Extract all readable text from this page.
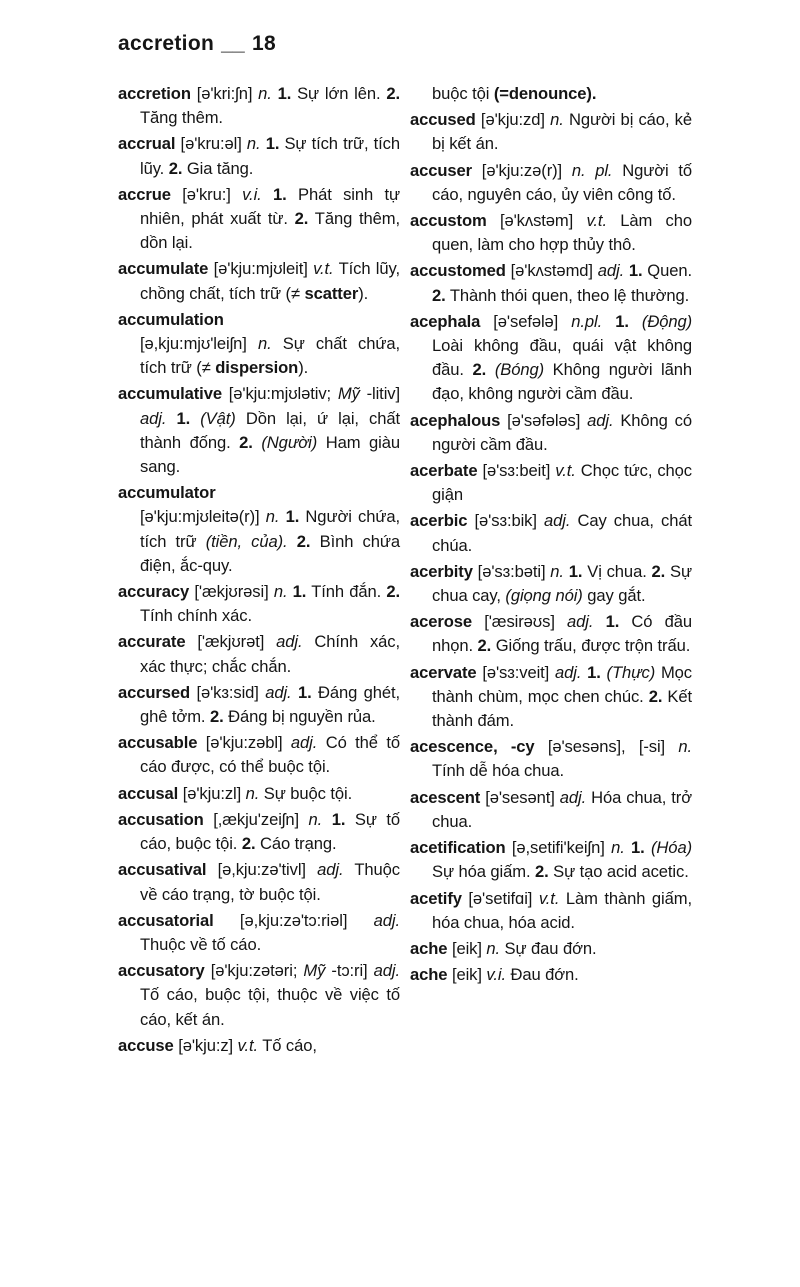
accretion __ 18

accretion [ə'kri:ʃn] n. 1. Sự lớn lên. 2. Tăng thêm.

accrual [ə'kru:əl] n. 1. Sự tích trữ, tích lũy. 2. Gia tăng.

accrue [ə'kru:] v.i. 1. Phát sinh tự nhiên, phát xuất từ. 2. Tăng thêm, dồn lại.

accumulate [ə'kju:mjʊleit] v.t. Tích lũy, chồng chất, tích trữ (≠ scatter).

accumulation
[ə,kju:mjʊ'leiʃn] n. Sự chất chứa, tích trữ (≠ dispersion).

accumulative [ə'kju:mjʊlətiv; Mỹ -litiv] adj. 1. (Vật) Dồn lại, ứ lại, chất thành đống. 2. (Người) Ham giàu sang.

accumulator
[ə'kju:mjʊleitə(r)] n. 1. Người chứa, tích trữ (tiền, của). 2. Bình chứa điện, ắc-quy.

accuracy ['ækjʊrəsi] n. 1. Tính đắn. 2. Tính chính xác.

accurate ['ækjʊrət] adj. Chính xác, xác thực; chắc chắn.

accursed [ə'kɜ:sid] adj. 1. Đáng ghét, ghê tởm. 2. Đáng bị nguyền rủa.

accusable [ə'kju:zəbl] adj. Có thể tố cáo được, có thể buộc tội.

accusal [ə'kju:zl] n. Sự buộc tội.

accusation [,ækju'zeiʃn] n. 1. Sự tố cáo, buộc tội. 2. Cáo trạng.

accusatival [ə,kju:zə'tivl] adj. Thuộc về cáo trạng, tờ buộc tội.

accusatorial [ə,kju:zə'tɔ:riəl] adj. Thuộc về tố cáo.

accusatory [ə'kju:zətəri; Mỹ -tɔ:ri] adj. Tố cáo, buộc tội, thuộc về việc tố cáo, kết án.

accuse [ə'kju:z] v.t. Tố cáo,

buộc tội (=denounce).

accused [ə'kju:zd] n. Người bị cáo, kẻ bị kết án.

accuser [ə'kju:zə(r)] n. pl. Người tố cáo, nguyên cáo, ủy viên công tố.

accustom [ə'kʌstəm] v.t. Làm cho quen, làm cho hợp thủy thô.

accustomed [ə'kʌstəmd] adj. 1. Quen. 2. Thành thói quen, theo lệ thường.

acephala [ə'sefələ] n.pl. 1. (Động) Loài không đầu, quái vật không đầu. 2. (Bóng) Không người lãnh đạo, không người cầm đầu.

acephalous [ə'səfələs] adj. Không có người cầm đầu.

acerbate [ə'sɜ:beit] v.t. Chọc tức, chọc giận

acerbic [ə'sɜ:bik] adj. Cay chua, chát chúa.

acerbity [ə'sɜ:bəti] n. 1. Vị chua. 2. Sự chua cay, (giọng nói) gay gắt.

acerose ['æsirəʊs] adj. 1. Có đầu nhọn. 2. Giống trấu, được trộn trấu.

acervate [ə'sɜ:veit] adj. 1. (Thực) Mọc thành chùm, mọc chen chúc. 2. Kết thành đám.

acescence, -cy [ə'sesəns], [-si] n. Tính dễ hóa chua.

acescent [ə'sesənt] adj. Hóa chua, trở chua.

acetification [ə,setifi'keiʃn] n. 1. (Hóa) Sự hóa giấm. 2. Sự tạo acid acetic.

acetify [ə'setifɑi] v.t. Làm thành giấm, hóa chua, hóa acid.

ache [eik] n. Sự đau đớn.

ache [eik] v.i. Đau đớn.
